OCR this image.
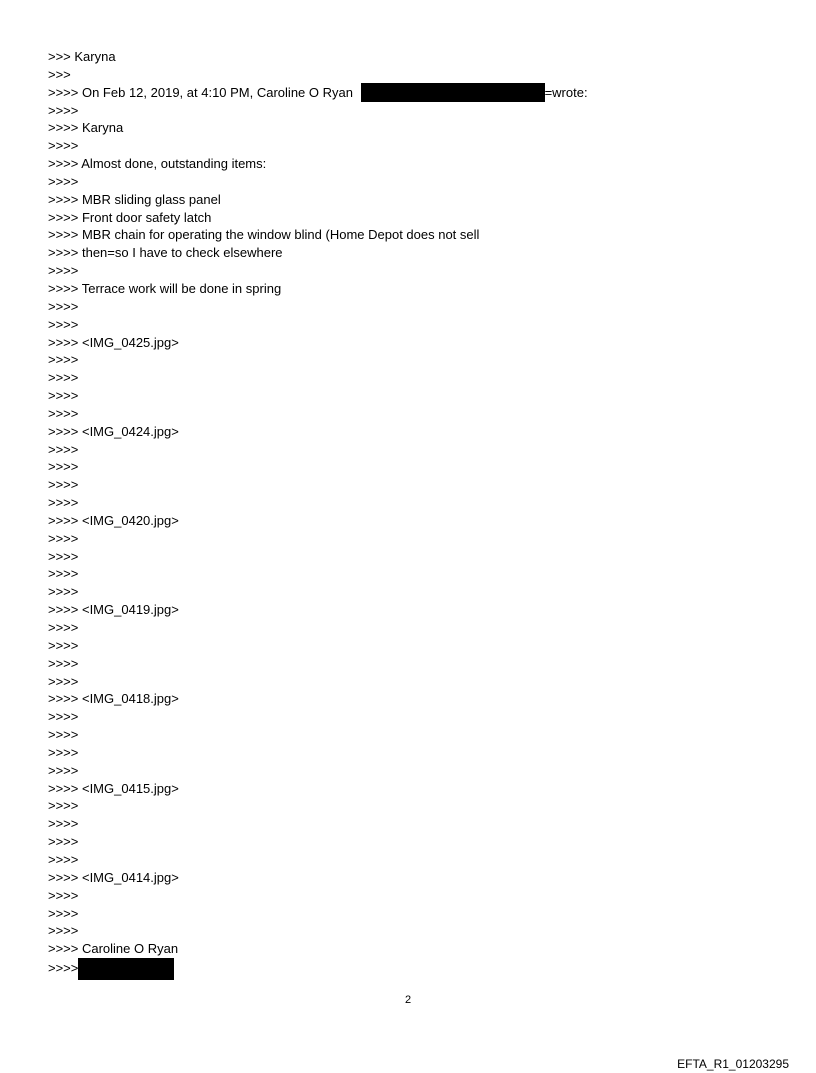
>>> Karyna
>>>
>>>> On Feb 12, 2019, at 4:10 PM, Caroline O Ryan	=wrote:
>>>>
>>>> Karyna
>>>>
>>>> Almost done, outstanding items:
>>>>
>>>> MBR sliding glass panel
>>>> Front door safety latch
>>>> MBR chain for operating the window blind (Home Depot does not sell
>>>> then=so I have to check elsewhere
>>>>
>>>> Terrace work will be done in spring
>>>>
>>>>
>>>> <IMG_0425.jpg>
>>>>
>>>>
>>>>
>>>>
>>>> <IMG_0424.jpg>
>>>>
>>>>
>>>>
>>>>
>>>> <IMG_0420.jpg>
>>>>
>>>>
>>>>
>>>>
>>>> <IMG_0419.jpg>
>>>>
>>>>
>>>>
>>>>
>>>> <IMG_0418.jpg>
>>>>
>>>>
>>>>
>>>>
>>>> <IMG_0415.jpg>
>>>>
>>>>
>>>>
>>>>
>>>> <IMG_0414.jpg>
>>>>
>>>>
>>>>
>>>> Caroline O Ryan
>>>>
2
EFTA_R1_01203295
